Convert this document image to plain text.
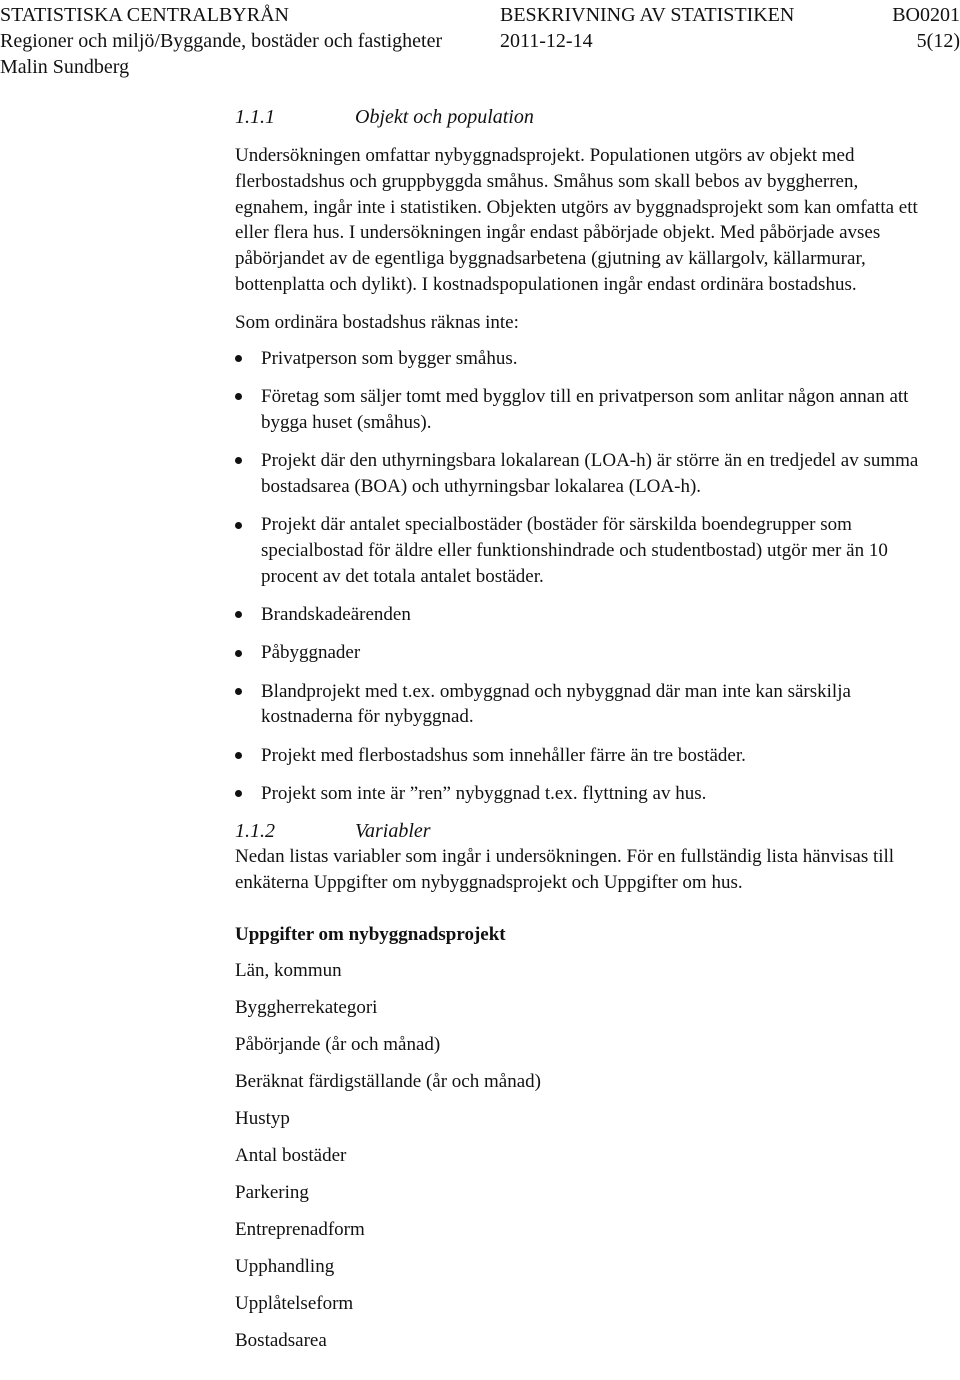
STATISTISKA CENTRALBYRÅN	BESKRIVNING AV STATISTIKEN	BO0201
Regioner och miljö/Byggande, bostäder och fastigheter	2011-12-14	5(12)
Malin Sundberg
1.1.1	Objekt och population

Undersökningen omfattar nybyggnadsprojekt. Populationen utgörs av objekt med flerbostadshus och gruppbyggda småhus. Småhus som skall bebos av byggherren, egnahem, ingår inte i statistiken. Objekten utgörs av byggnadsprojekt som kan omfatta ett eller flera hus. I undersökningen ingår endast påbörjade objekt. Med påbörjade avses påbörjandet av de egentliga byggnadsarbetena (gjutning av källargolv, källarmurar, bottenplatta och dylikt). I kostnadspopulationen ingår endast ordinära bostadshus.

Som ordinära bostadshus räknas inte:

Privatperson som bygger småhus.
Företag som säljer tomt med bygglov till en privatperson som anlitar någon annan att bygga huset (småhus).
Projekt där den uthyrningsbara lokalarean (LOA-h) är större än en tredjedel av summa bostadsarea (BOA) och uthyrningsbar lokalarea (LOA-h).
Projekt där antalet specialbostäder (bostäder för särskilda boendegrupper som specialbostad för äldre eller funktionshindrade och studentbostad) utgör mer än 10 procent av det totala antalet bostäder.
Brandskadeärenden
Påbyggnader
Blandprojekt med t.ex. ombyggnad och nybyggnad där man inte kan särskilja kostnaderna för nybyggnad.
Projekt med flerbostadshus som innehåller färre än tre bostäder.
Projekt som inte är ”ren” nybyggnad t.ex. flyttning av hus.
1.1.2	Variabler

Nedan listas variabler som ingår i undersökningen. För en fullständig lista hänvisas till enkäterna Uppgifter om nybyggnadsprojekt och Uppgifter om hus.

Uppgifter om nybyggnadsprojekt
Län, kommun
Byggherrekategori
Påbörjande (år och månad)
Beräknat färdigställande (år och månad)
Hustyp
Antal bostäder
Parkering
Entreprenadform
Upphandling
Upplåtelseform
Bostadsarea
